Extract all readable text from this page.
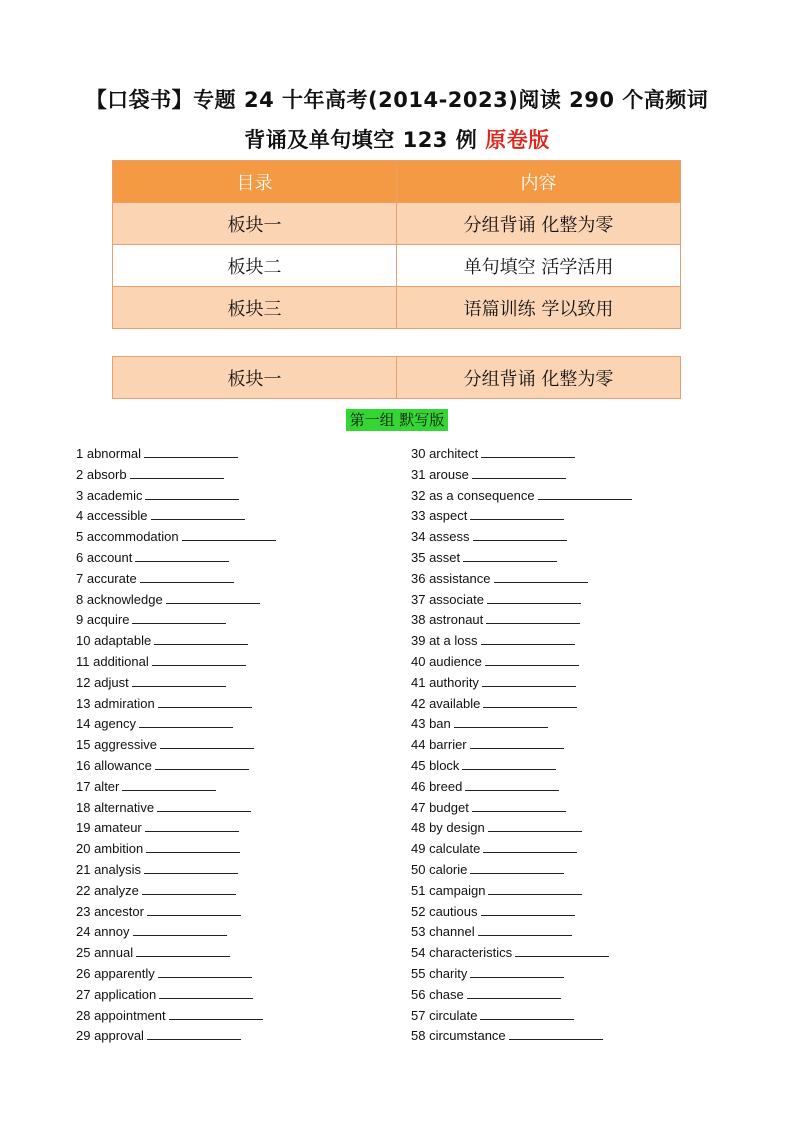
【口袋书】专题 24 十年高考(2014-2023)阅读 290 个高频词
背诵及单句填空 123 例 原卷版
目录	内容
板块一	分组背诵 化整为零
板块二	单句填空 活学活用
板块三	语篇训练 学以致用
板块一	分组背诵 化整为零
第一组 默写版
1 abnormal
2 absorb
3 academic
4 accessible
5 accommodation
6 account
7 accurate
8 acknowledge
9 acquire
10 adaptable
11 additional
12 adjust
13 admiration
14 agency
15 aggressive
16 allowance
17 alter
18 alternative
19 amateur
20 ambition
21 analysis
22 analyze
23 ancestor
24 annoy
25 annual
26 apparently
27 application
28 appointment
29 approval
30 architect
31 arouse
32 as a consequence
33 aspect
34 assess
35 asset
36 assistance
37 associate
38 astronaut
39 at a loss
40 audience
41 authority
42 available
43 ban
44 barrier
45 block
46 breed
47 budget
48 by design
49 calculate
50 calorie
51 campaign
52 cautious
53 channel
54 characteristics
55 charity
56 chase
57 circulate
58 circumstance
